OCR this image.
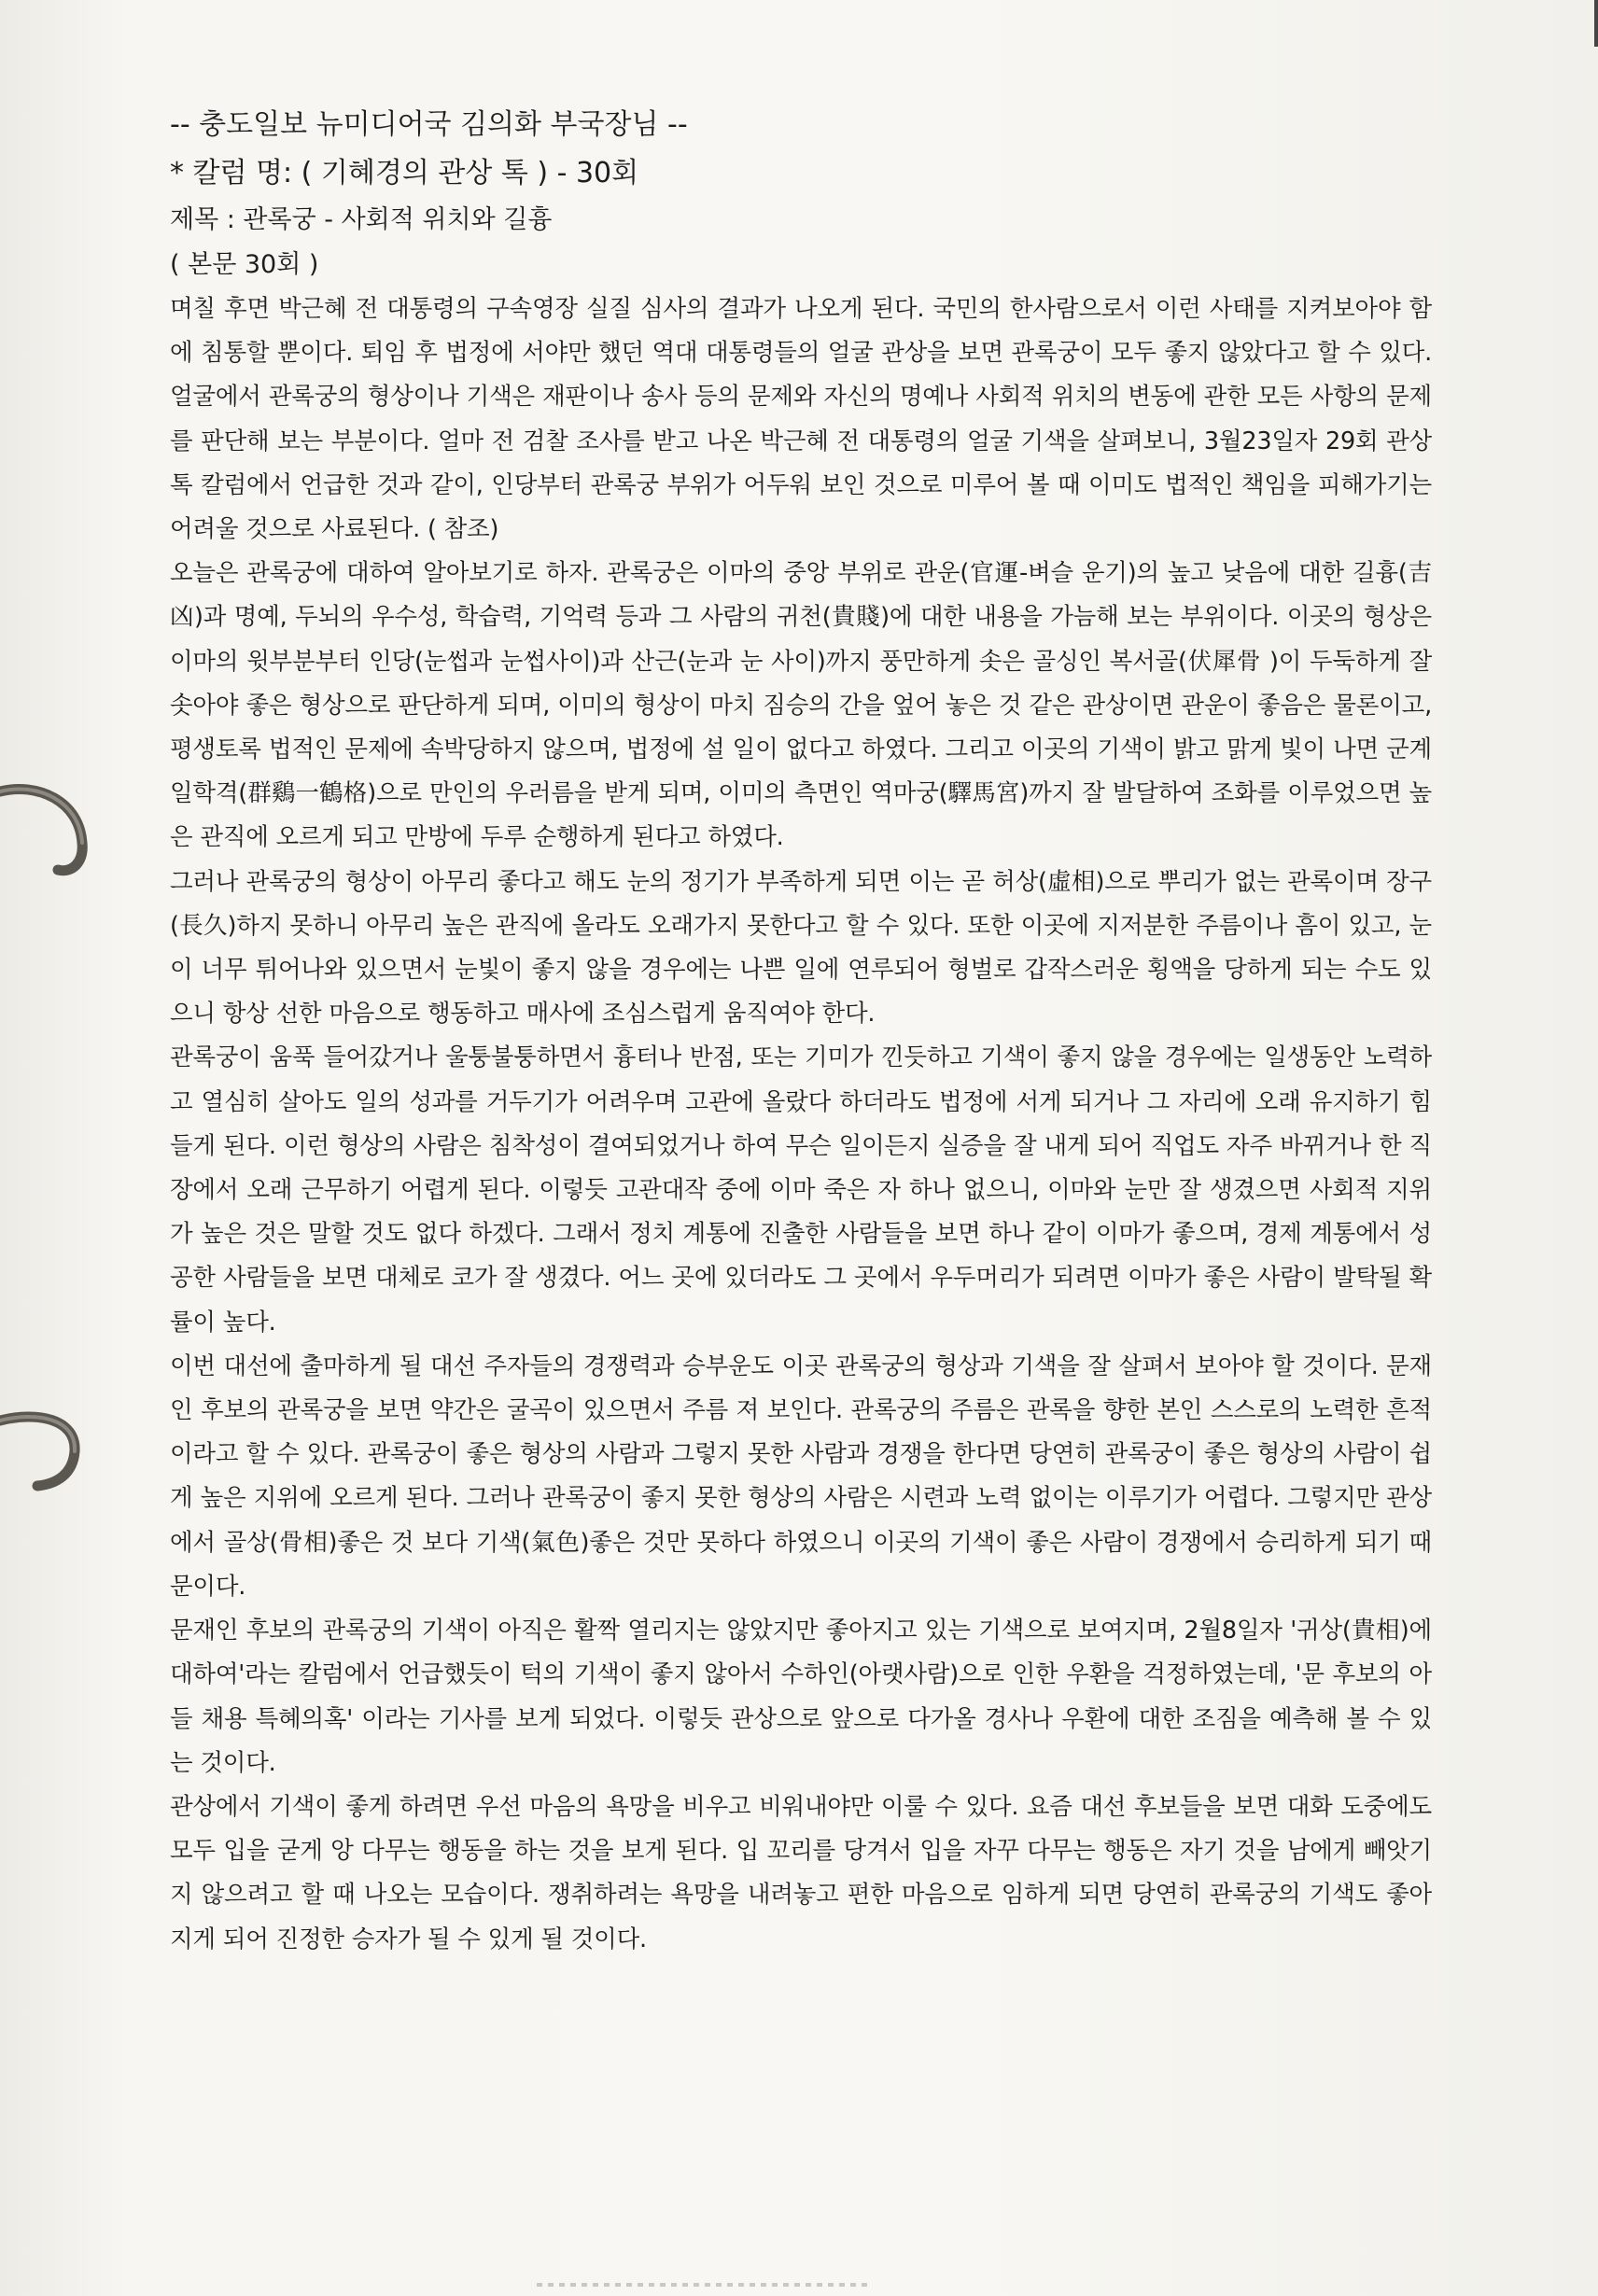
-- 충도일보 뉴미디어국 김의화 부국장님 --
* 칼럼 명: ( 기혜경의 관상 톡 ) - 30회
제목 : 관록궁 - 사회적 위치와 길흉
( 본문 30회 )

며칠 후면 박근혜 전 대통령의 구속영장 실질 심사의 결과가 나오게 된다. 국민의 한사람으로서 이런 사태를 지켜보아야 함에 침통할 뿐이다. 퇴임 후 법정에 서야만 했던 역대 대통령들의 얼굴 관상을 보면 관록궁이 모두 좋지 않았다고 할 수 있다. 얼굴에서 관록궁의 형상이나 기색은 재판이나 송사 등의 문제와 자신의 명예나 사회적 위치의 변동에 관한 모든 사항의 문제를 판단해 보는 부분이다. 얼마 전 검찰 조사를 받고 나온 박근혜 전 대통령의 얼굴 기색을 살펴보니, 3월23일자 29회 관상톡 칼럼에서 언급한 것과 같이, 인당부터 관록궁 부위가 어두워 보인 것으로 미루어 볼 때 이미도 법적인 책임을 피해가기는 어려울 것으로 사료된다. ( 참조)

오늘은 관록궁에 대하여 알아보기로 하자. 관록궁은 이마의 중앙 부위로 관운(官運-벼슬 운기)의 높고 낮음에 대한 길흉(吉凶)과 명예, 두뇌의 우수성, 학습력, 기억력 등과 그 사람의 귀천(貴賤)에 대한 내용을 가늠해 보는 부위이다. 이곳의 형상은 이마의 윗부분부터 인당(눈썹과 눈썹사이)과 산근(눈과 눈 사이)까지 풍만하게 솟은 골싱인 복서골(伏犀骨 )이 두둑하게 잘 솟아야 좋은 형상으로 판단하게 되며, 이미의 형상이 마치 짐승의 간을 엎어 놓은 것 같은 관상이면 관운이 좋음은 물론이고, 평생토록 법적인 문제에 속박당하지 않으며, 법정에 설 일이 없다고 하였다. 그리고 이곳의 기색이 밝고 맑게 빛이 나면 군계일학격(群鷄一鶴格)으로 만인의 우러름을 받게 되며, 이미의 측면인 역마궁(驛馬宮)까지 잘 발달하여 조화를 이루었으면 높은 관직에 오르게 되고 만방에 두루 순행하게 된다고 하였다.

그러나 관록궁의 형상이 아무리 좋다고 해도 눈의 정기가 부족하게 되면 이는 곧 허상(虛相)으로 뿌리가 없는 관록이며 장구(長久)하지 못하니 아무리 높은 관직에 올라도 오래가지 못한다고 할 수 있다. 또한 이곳에 지저분한 주름이나 흠이 있고, 눈이 너무 튀어나와 있으면서 눈빛이 좋지 않을 경우에는 나쁜 일에 연루되어 형벌로 갑작스러운 횡액을 당하게 되는 수도 있으니 항상 선한 마음으로 행동하고 매사에 조심스럽게 움직여야 한다.

관록궁이 움푹 들어갔거나 울퉁불퉁하면서 흉터나 반점, 또는 기미가 낀듯하고 기색이 좋지 않을 경우에는 일생동안 노력하고 열심히 살아도 일의 성과를 거두기가 어려우며 고관에 올랐다 하더라도 법정에 서게 되거나 그 자리에 오래 유지하기 힘들게 된다. 이런 형상의 사람은 침착성이 결여되었거나 하여 무슨 일이든지 실증을 잘 내게 되어 직업도 자주 바뀌거나 한 직장에서 오래 근무하기 어렵게 된다. 이렇듯 고관대작 중에 이마 죽은 자 하나 없으니, 이마와 눈만 잘 생겼으면 사회적 지위가 높은 것은 말할 것도 없다 하겠다. 그래서 정치 계통에 진출한 사람들을 보면 하나 같이 이마가 좋으며, 경제 계통에서 성공한 사람들을 보면 대체로 코가 잘 생겼다. 어느 곳에 있더라도 그 곳에서 우두머리가 되려면 이마가 좋은 사람이 발탁될 확률이 높다.

이번 대선에 출마하게 될 대선 주자들의 경쟁력과 승부운도 이곳 관록궁의 형상과 기색을 잘 살펴서 보아야 할 것이다. 문재인 후보의 관록궁을 보면 약간은 굴곡이 있으면서 주름 져 보인다. 관록궁의 주름은 관록을 향한 본인 스스로의 노력한 흔적이라고 할 수 있다. 관록궁이 좋은 형상의 사람과 그렇지 못한 사람과 경쟁을 한다면 당연히 관록궁이 좋은 형상의 사람이 쉽게 높은 지위에 오르게 된다. 그러나 관록궁이 좋지 못한 형상의 사람은 시련과 노력 없이는 이루기가 어렵다. 그렇지만 관상에서 골상(骨相)좋은 것 보다 기색(氣色)좋은 것만 못하다 하였으니 이곳의 기색이 좋은 사람이 경쟁에서 승리하게 되기 때문이다.

문재인 후보의 관록궁의 기색이 아직은 활짝 열리지는 않았지만 좋아지고 있는 기색으로 보여지며, 2월8일자 '귀상(貴相)에 대하여'라는 칼럼에서 언급했듯이 턱의 기색이 좋지 않아서 수하인(아랫사람)으로 인한 우환을 걱정하였는데, '문 후보의 아들 채용 특혜의혹' 이라는 기사를 보게 되었다. 이렇듯 관상으로 앞으로 다가올 경사나 우환에 대한 조짐을 예측해 볼 수 있는 것이다.

관상에서 기색이 좋게 하려면 우선 마음의 욕망을 비우고 비워내야만 이룰 수 있다. 요즘 대선 후보들을 보면 대화 도중에도 모두 입을 굳게 앙 다무는 행동을 하는 것을 보게 된다. 입 꼬리를 당겨서 입을 자꾸 다무는 행동은 자기 것을 남에게 빼앗기지 않으려고 할 때 나오는 모습이다. 쟁취하려는 욕망을 내려놓고 편한 마음으로 임하게 되면 당연히 관록궁의 기색도 좋아지게 되어 진정한 승자가 될 수 있게 될 것이다.
